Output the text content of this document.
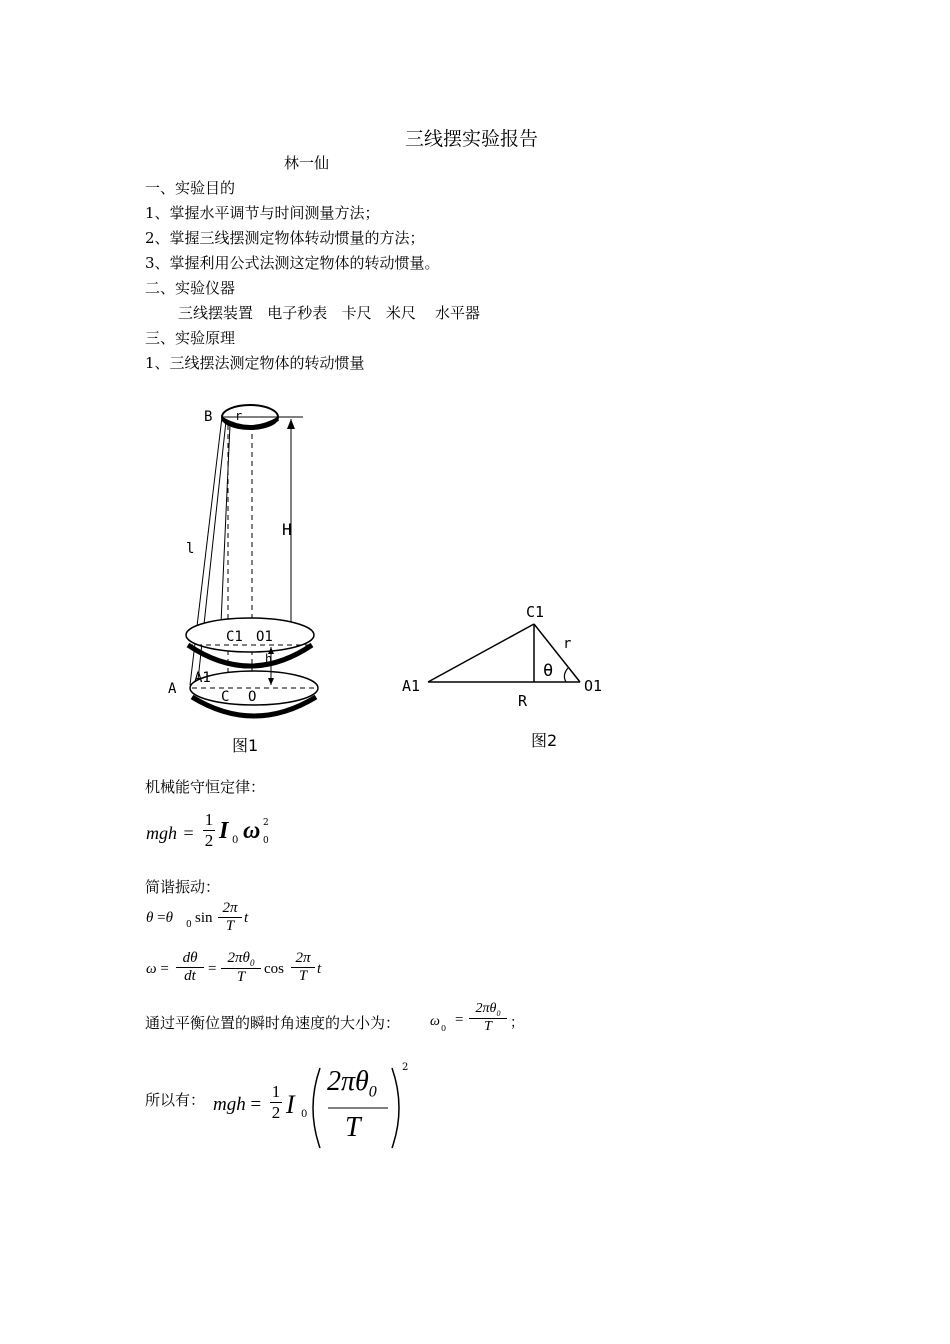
三线摆实验报告
林一仙
一、实验目的
1、掌握水平调节与时间测量方法；
2、掌握三线摆测定物体转动惯量的方法；
3、掌握利用公式法测这定物体的转动惯量。
二、实验仪器
三线摆装置   电子秒表   卡尺   米尺    水平器
三、实验原理
1、三线摆法测定物体的转动惯量
B r
H
l
C1 O1
h
A1
A	C O
图1
C1
r
θ
A1
R
O1
图2
机械能守恒定律：
mgh = $\frac{1}{2}$ I 0 ω 2
0
简谐振动：
θ =θ 0 $\sin \frac{2\pi}{T}$ t
$\omega = \frac{d\theta}{dt} = \frac{2\pi\theta_0}{T}$ $\cos \frac{2\pi}{T}$ t
通过平衡位置的瞬时角速度的大小为： ω 0
= $\frac{2\pi\theta_0}{T}$ ；
所以有： mgh = $\frac{1}{2}$ I 0
$2\pi\theta_0$
T
2
